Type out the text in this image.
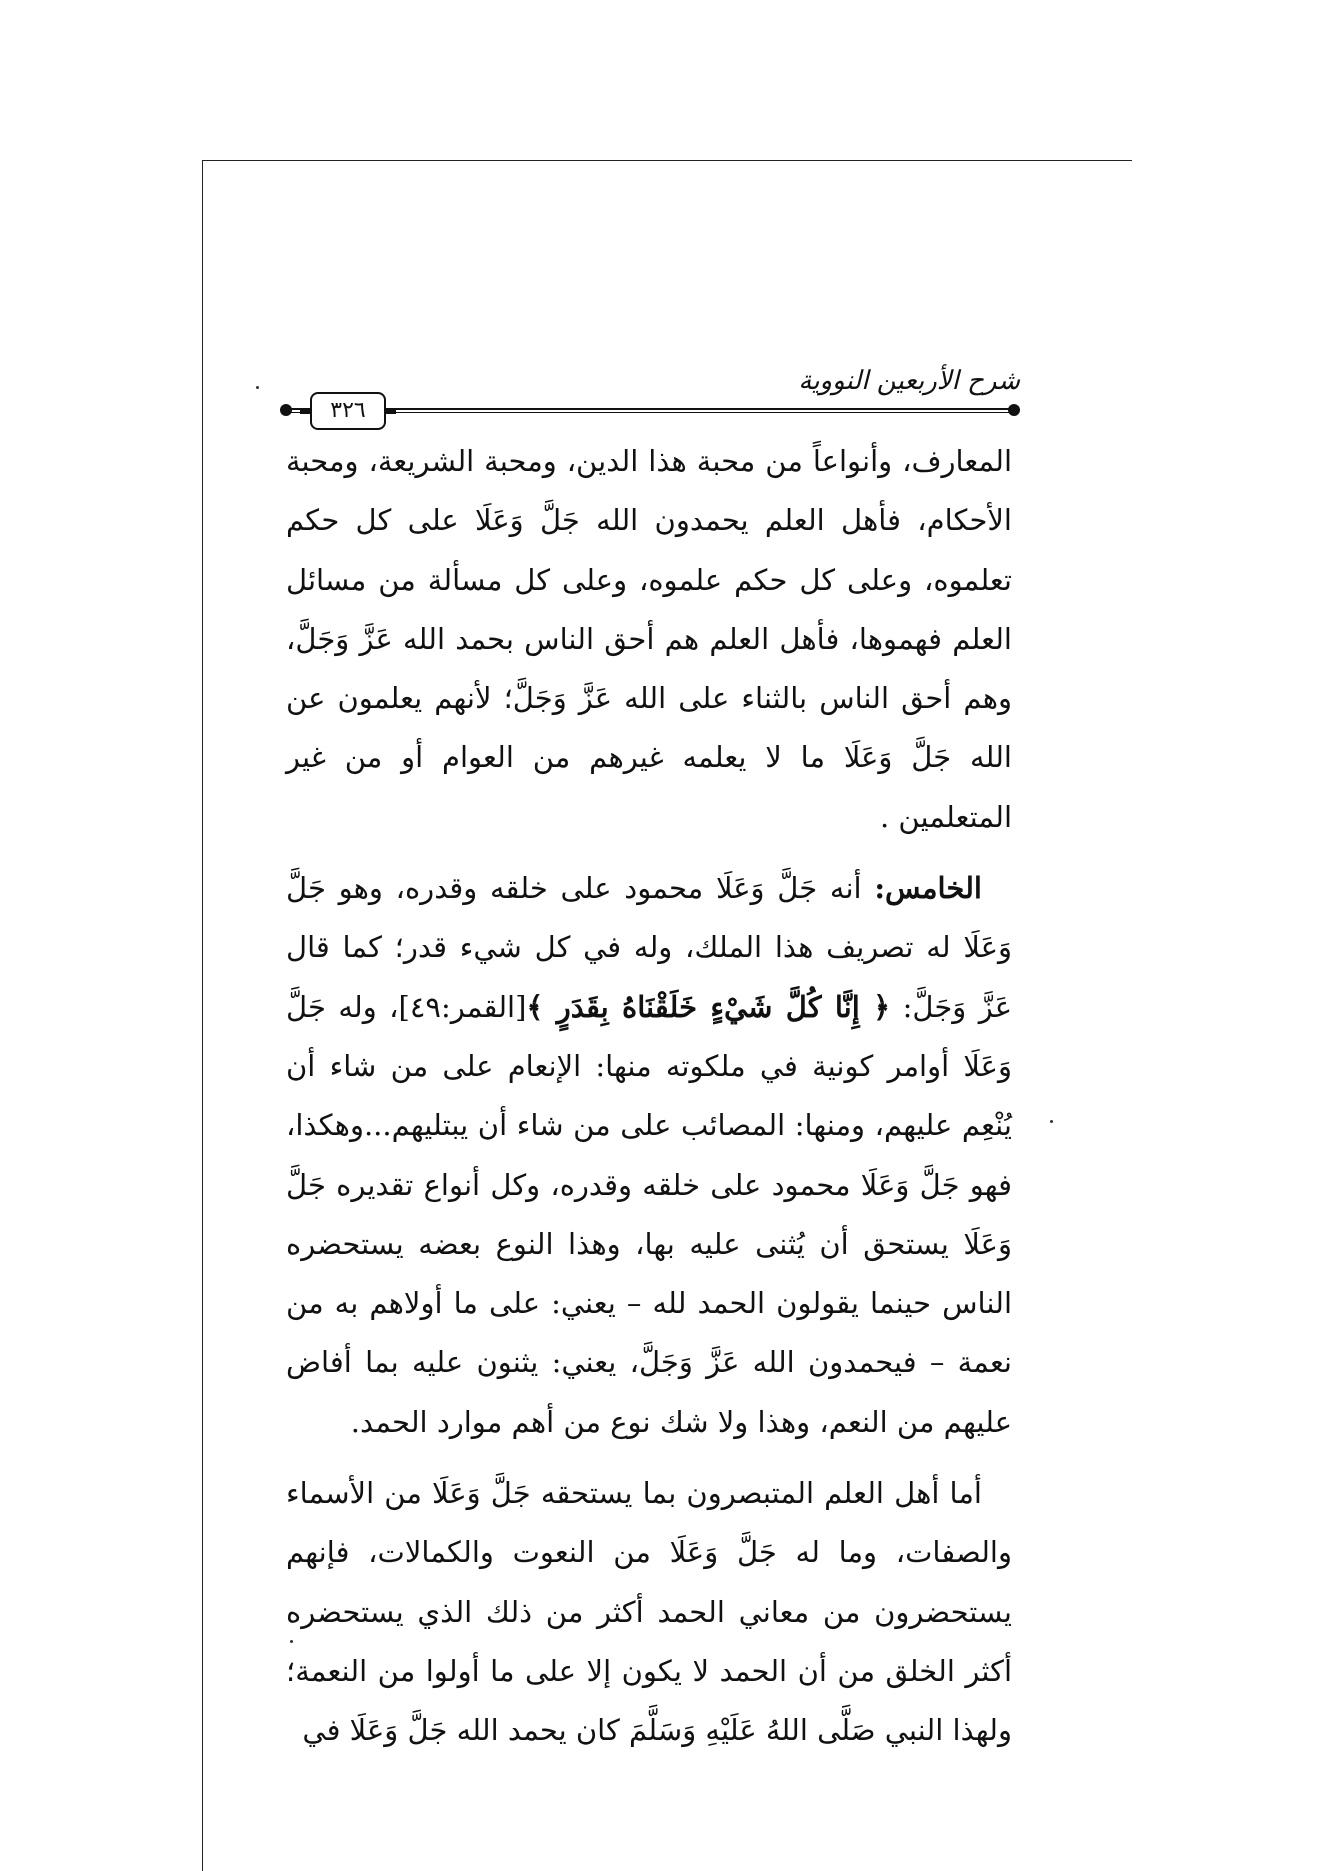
شرح الأربعين النووية
٣٢٦

المعارف، وأنواعاً من محبة هذا الدين، ومحبة الشريعة، ومحبة الأحكام، فأهل العلم يحمدون الله جَلَّ وَعَلَا على كل حكم تعلموه، وعلى كل حكم علموه، وعلى كل مسألة من مسائل العلم فهموها، فأهل العلم هم أحق الناس بحمد الله عَزَّ وَجَلَّ، وهم أحق الناس بالثناء على الله عَزَّ وَجَلَّ؛ لأنهم يعلمون عن الله جَلَّ وَعَلَا ما لا يعلمه غيرهم من العوام أو من غير المتعلمين .

الخامس: أنه جَلَّ وَعَلَا محمود على خلقه وقدره، وهو جَلَّ وَعَلَا له تصريف هذا الملك، وله في كل شيء قدر؛ كما قال عَزَّ وَجَلَّ: ﴿ إِنَّا كُلَّ شَيْءٍ خَلَقْنَاهُ بِقَدَرٍ ﴾[القمر:٤٩]، وله جَلَّ وَعَلَا أوامر كونية في ملكوته منها: الإنعام على من شاء أن يُنْعِم عليهم، ومنها: المصائب على من شاء أن يبتليهم...وهكذا، فهو جَلَّ وَعَلَا محمود على خلقه وقدره، وكل أنواع تقديره جَلَّ وَعَلَا يستحق أن يُثنى عليه بها، وهذا النوع بعضه يستحضره الناس حينما يقولون الحمد لله – يعني: على ما أولاهم به من نعمة – فيحمدون الله عَزَّ وَجَلَّ، يعني: يثنون عليه بما أفاض عليهم من النعم، وهذا ولا شك نوع من أهم موارد الحمد.

أما أهل العلم المتبصرون بما يستحقه جَلَّ وَعَلَا من الأسماء والصفات، وما له جَلَّ وَعَلَا من النعوت والكمالات، فإنهم يستحضرون من معاني الحمد أكثر من ذلك الذي يستحضره أكثر الخلق من أن الحمد لا يكون إلا على ما أولوا من النعمة؛ ولهذا النبي صَلَّى اللهُ عَلَيْهِ وَسَلَّمَ كان يحمد الله جَلَّ وَعَلَا في
